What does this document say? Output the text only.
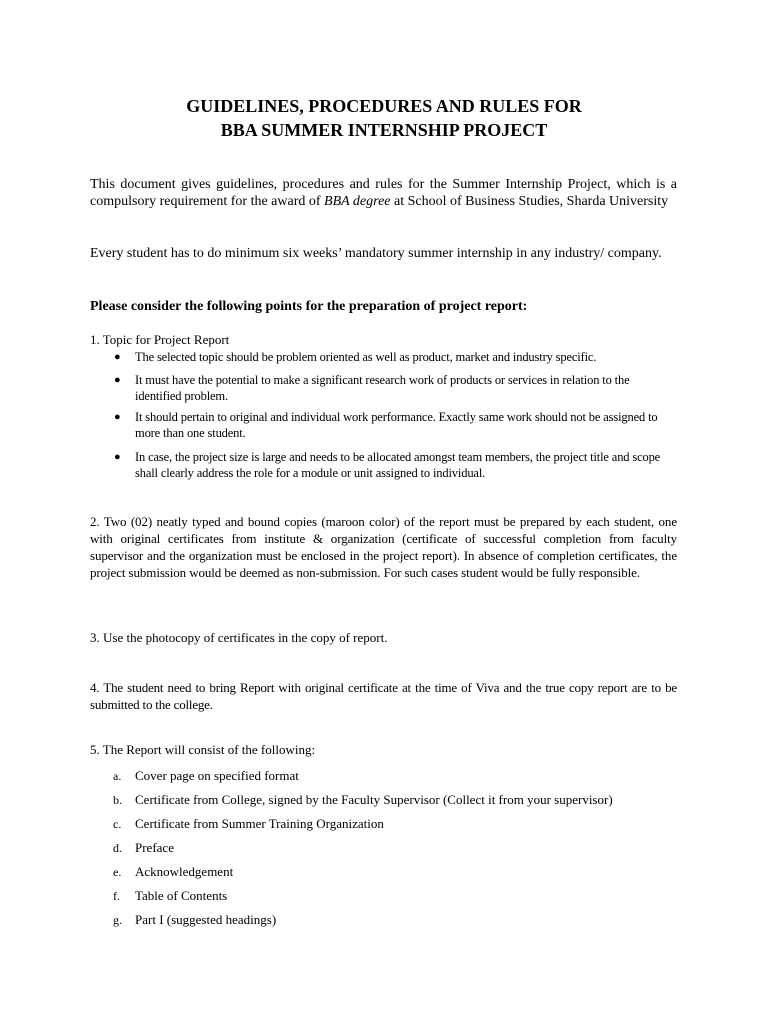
GUIDELINES, PROCEDURES AND RULES FOR
BBA SUMMER INTERNSHIP PROJECT

This document gives guidelines, procedures and rules for the Summer Internship Project, which is a compulsory requirement for the award of BBA degree at School of Business Studies, Sharda University

Every student has to do minimum six weeks’ mandatory summer internship in any industry/ company.

Please consider the following points for the preparation of project report:

1. Topic for Project Report

●	The selected topic should be problem oriented as well as product, market and industry specific.
●	It must have the potential to make a significant research work of products or services in relation to the identified problem.
●	It should pertain to original and individual work performance. Exactly same work should not be assigned to more than one student.
●	In case, the project size is large and needs to be allocated amongst team members, the project title and scope shall clearly address the role for a module or unit assigned to individual.

2. Two (02) neatly typed and bound copies (maroon color) of the report must be prepared by each student, one with original certificates from institute & organization (certificate of successful completion from faculty supervisor and the organization must be enclosed in the project report). In absence of completion certificates, the project submission would be deemed as non-submission. For such cases student would be fully responsible.

3. Use the photocopy of certificates in the copy of report.

4. The student need to bring Report with original certificate at the time of Viva and the true copy report are to be submitted to the college.

5. The Report will consist of the following:

a.	Cover page on specified format
b.	Certificate from College, signed by the Faculty Supervisor (Collect it from your supervisor)
c.	Certificate from Summer Training Organization
d.	Preface
e.	Acknowledgement
f.	Table of Contents
g.	Part I (suggested headings)
